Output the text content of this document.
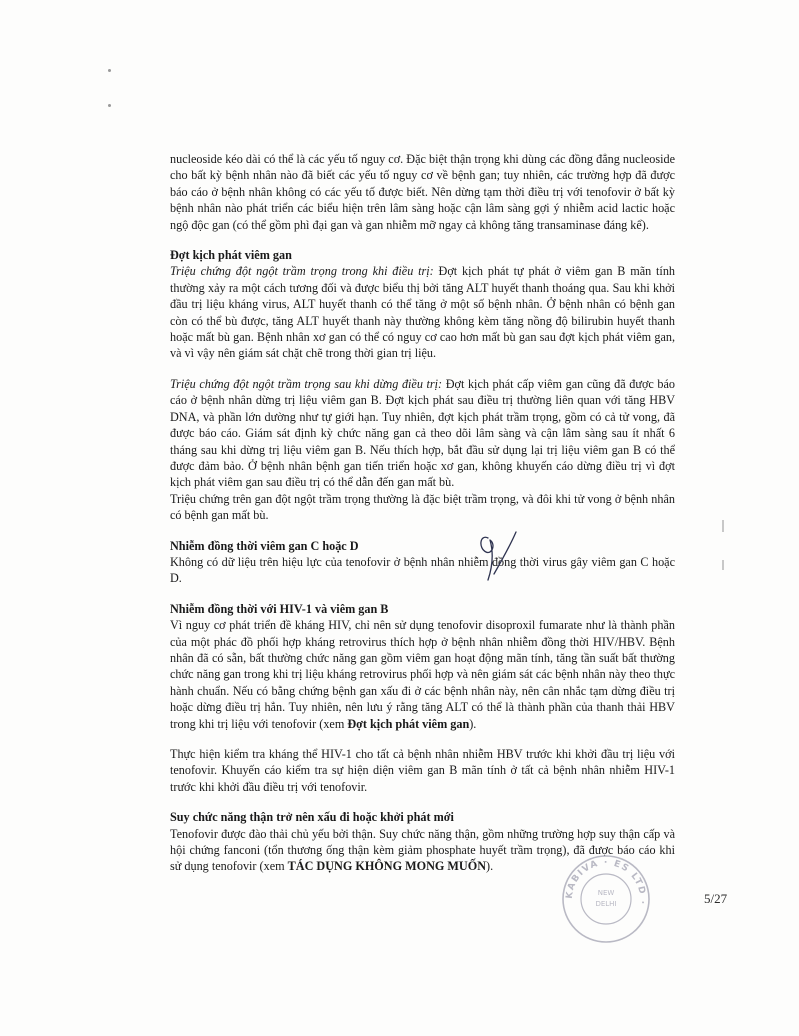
nucleoside kéo dài có thể là các yếu tố nguy cơ. Đặc biệt thận trọng khi dùng các đồng đẳng nucleoside cho bất kỳ bệnh nhân nào đã biết các yếu tố nguy cơ về bệnh gan; tuy nhiên, các trường hợp đã được báo cáo ở bệnh nhân không có các yếu tố được biết. Nên dừng tạm thời điều trị với tenofovir ở bất kỳ bệnh nhân nào phát triển các biểu hiện trên lâm sàng hoặc cận lâm sàng gợi ý nhiễm acid lactic hoặc ngộ độc gan (có thể gồm phì đại gan và gan nhiễm mỡ ngay cả không tăng transaminase đáng kể).

Đợt kịch phát viêm gan

Triệu chứng đột ngột trầm trọng trong khi điều trị: Đợt kịch phát tự phát ở viêm gan B mãn tính thường xảy ra một cách tương đối và được biểu thị bởi tăng ALT huyết thanh thoáng qua. Sau khi khởi đầu trị liệu kháng virus, ALT huyết thanh có thể tăng ở một số bệnh nhân. Ở bệnh nhân có bệnh gan còn có thể bù được, tăng ALT huyết thanh này thường không kèm tăng nồng độ bilirubin huyết thanh hoặc mất bù gan. Bệnh nhân xơ gan có thể có nguy cơ cao hơn mất bù gan sau đợt kịch phát viêm gan, và vì vậy nên giám sát chặt chẽ trong thời gian trị liệu.

Triệu chứng đột ngột trầm trọng sau khi dừng điều trị: Đợt kịch phát cấp viêm gan cũng đã được báo cáo ở bệnh nhân dừng trị liệu viêm gan B. Đợt kịch phát sau điều trị thường liên quan với tăng HBV DNA, và phần lớn dường như tự giới hạn. Tuy nhiên, đợt kịch phát trầm trọng, gồm có cả tử vong, đã được báo cáo. Giám sát định kỳ chức năng gan cả theo dõi lâm sàng và cận lâm sàng sau ít nhất 6 tháng sau khi dừng trị liệu viêm gan B. Nếu thích hợp, bắt đầu sử dụng lại trị liệu viêm gan B có thể được đảm bảo. Ở bệnh nhân bệnh gan tiến triển hoặc xơ gan, không khuyến cáo dừng điều trị vì đợt kịch phát viêm gan sau điều trị có thể dẫn đến gan mất bù.

Triệu chứng trên gan đột ngột trầm trọng thường là đặc biệt trầm trọng, và đôi khi tử vong ở bệnh nhân có bệnh gan mất bù.

Nhiễm đồng thời viêm gan C hoặc D

Không có dữ liệu trên hiệu lực của tenofovir ở bệnh nhân nhiễm đồng thời virus gây viêm gan C hoặc D.

Nhiễm đồng thời với HIV-1 và viêm gan B

Vì nguy cơ phát triển đề kháng HIV, chỉ nên sử dụng tenofovir disoproxil fumarate như là thành phần của một phác đồ phối hợp kháng retrovirus thích hợp ở bệnh nhân nhiễm đồng thời HIV/HBV. Bệnh nhân đã có sẵn, bất thường chức năng gan gồm viêm gan hoạt động mãn tính, tăng tần suất bất thường chức năng gan trong khi trị liệu kháng retrovirus phối hợp và nên giám sát các bệnh nhân này theo thực hành chuẩn. Nếu có bằng chứng bệnh gan xấu đi ở các bệnh nhân này, nên cân nhắc tạm dừng điều trị hoặc dừng điều trị hẳn. Tuy nhiên, nên lưu ý rằng tăng ALT có thể là thành phần của thanh thải HBV trong khi trị liệu với tenofovir (xem Đợt kịch phát viêm gan).

Thực hiện kiểm tra kháng thể HIV-1 cho tất cả bệnh nhân nhiễm HBV trước khi khởi đầu trị liệu với tenofovir. Khuyến cáo kiểm tra sự hiện diện viêm gan B mãn tính ở tất cả bệnh nhân nhiễm HIV-1 trước khi khởi đầu điều trị với tenofovir.

Suy chức năng thận trở nên xấu đi hoặc khởi phát mới

Tenofovir được đào thải chủ yếu bởi thận. Suy chức năng thận, gồm những trường hợp suy thận cấp và hội chứng fanconi (tổn thương ống thận kèm giảm phosphate huyết trầm trọng), đã được báo cáo khi sử dụng tenofovir (xem TÁC DỤNG KHÔNG MONG MUỐN).

KABIVA · ES LTD ·
NEW
DELHI	5/27
